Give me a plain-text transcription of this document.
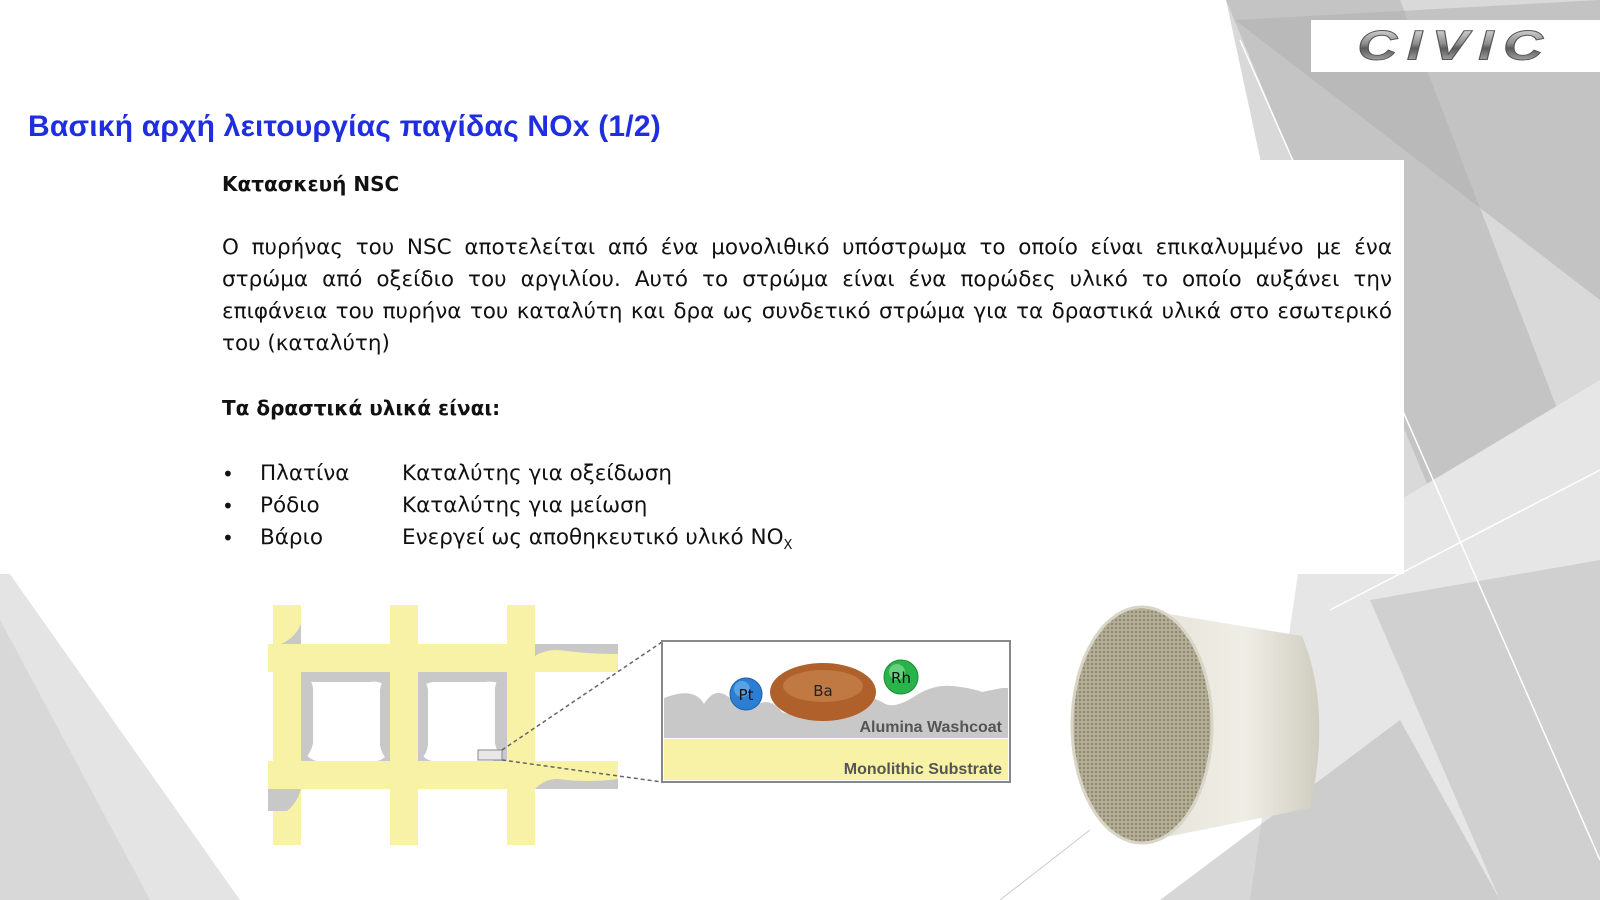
CIVIC
Βασική αρχή λειτουργίας παγίδας NOx (1/2)
Κατασκευή NSC

Ο πυρήνας του NSC αποτελείται από ένα μονολιθικό υπόστρωμα το οποίο είναι επικαλυμμένο με ένα στρώμα από οξείδιο του αργιλίου. Αυτό το στρώμα είναι ένα πορώδες υλικό το οποίο αυξάνει την επιφάνεια του πυρήνα του καταλύτη και δρα ως συνδετικό στρώμα για τα δραστικά υλικά στο εσωτερικό του (καταλύτη)

Τα δραστικά υλικά είναι:
• Πλατίνα Καταλύτης για οξείδωση
• Ρόδιο	Καταλύτης για μείωση
• Βάριο	Ενεργεί ως αποθηκευτικό υλικό $NO_X$
Ba
Pt
Rh
Alumina Washcoat
Monolithic Substrate
